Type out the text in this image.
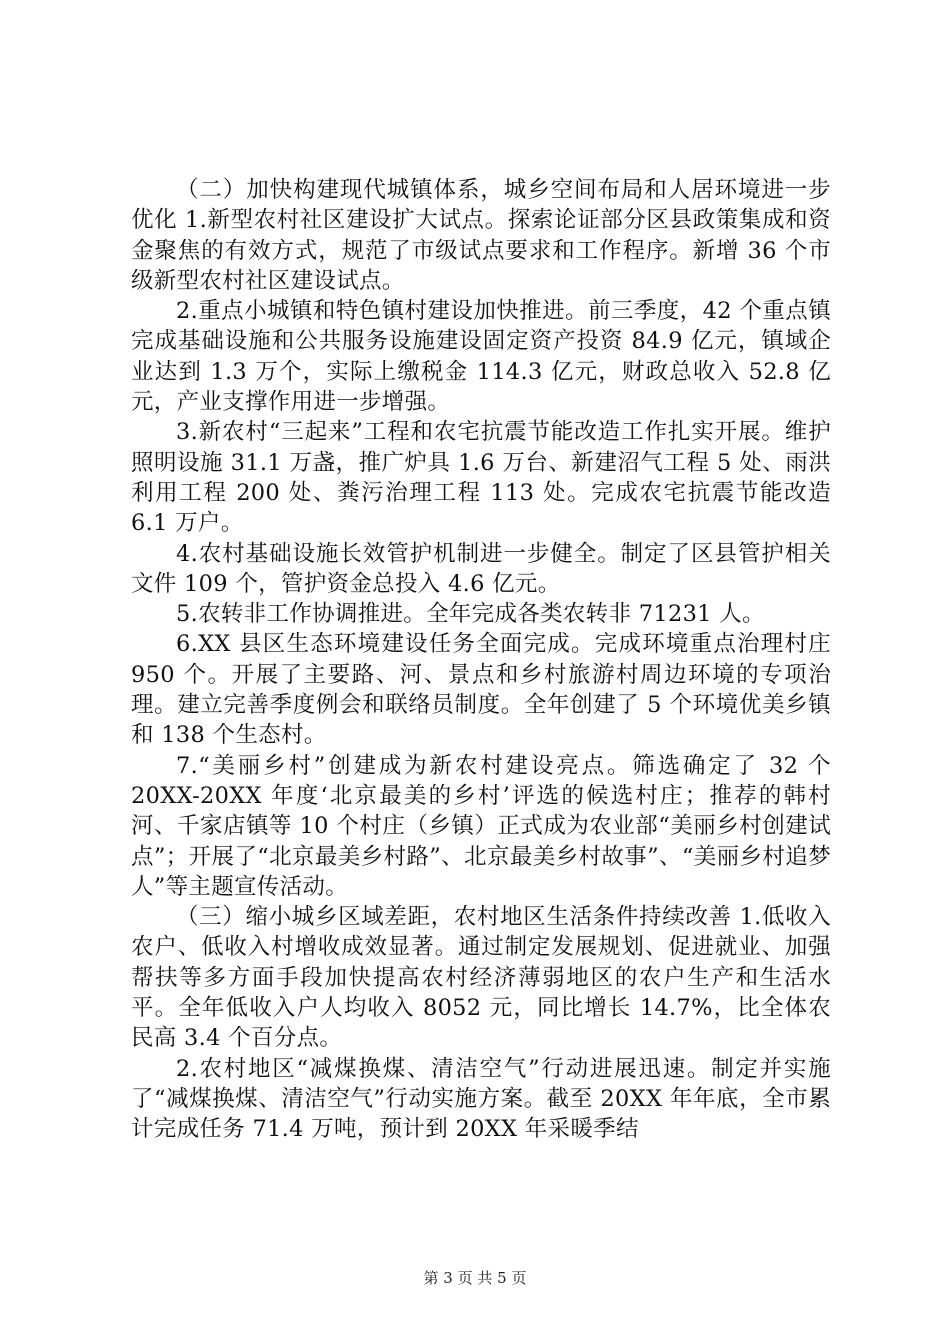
（二）加快构建现代城镇体系，城乡空间布局和人居环境进一步优化 1.新型农村社区建设扩大试点。探索论证部分区县政策集成和资金聚焦的有效方式，规范了市级试点要求和工作程序。新增 36 个市级新型农村社区建设试点。

2.重点小城镇和特色镇村建设加快推进。前三季度，42 个重点镇完成基础设施和公共服务设施建设固定资产投资 84.9 亿元，镇域企业达到 1.3 万个，实际上缴税金 114.3 亿元，财政总收入 52.8 亿元，产业支撑作用进一步增强。

3.新农村“三起来”工程和农宅抗震节能改造工作扎实开展。维护照明设施 31.1 万盏，推广炉具 1.6 万台、新建沼气工程 5 处、雨洪利用工程 200 处、粪污治理工程 113 处。完成农宅抗震节能改造 6.1 万户。

4.农村基础设施长效管护机制进一步健全。制定了区县管护相关文件 109 个，管护资金总投入 4.6 亿元。

5.农转非工作协调推进。全年完成各类农转非 71231 人。

6.XX 县区生态环境建设任务全面完成。完成环境重点治理村庄 950 个。开展了主要路、河、景点和乡村旅游村周边环境的专项治理。建立完善季度例会和联络员制度。全年创建了 5 个环境优美乡镇和 138 个生态村。

7.“美丽乡村”创建成为新农村建设亮点。筛选确定了 32 个 20XX-20XX 年度‘北京最美的乡村’评选的候选村庄；推荐的韩村河、千家店镇等 10 个村庄（乡镇）正式成为农业部“美丽乡村创建试点”；开展了“北京最美乡村路”、北京最美乡村故事”、“美丽乡村追梦人”等主题宣传活动。

（三）缩小城乡区域差距，农村地区生活条件持续改善 1.低收入农户、低收入村增收成效显著。通过制定发展规划、促进就业、加强帮扶等多方面手段加快提高农村经济薄弱地区的农户生产和生活水平。全年低收入户人均收入 8052 元，同比增长 14.7%，比全体农民高 3.4 个百分点。

2.农村地区“减煤换煤、清洁空气”行动进展迅速。制定并实施了“减煤换煤、清洁空气”行动实施方案。截至 20XX 年年底，全市累计完成任务 71.4 万吨，预计到 20XX 年采暖季结

第 3 页 共 5 页
